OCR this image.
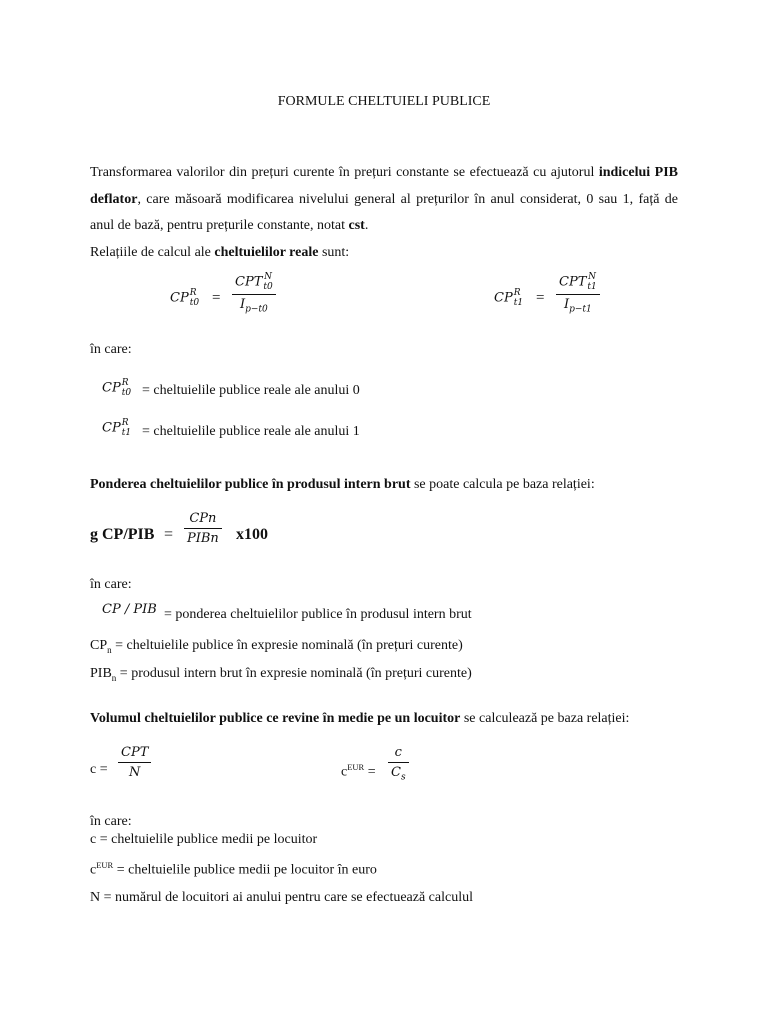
FORMULE CHELTUIELI PUBLICE
Transformarea valorilor din prețuri curente în prețuri constante se efectuează cu ajutorul indicelui PIB deflator, care măsoară modificarea nivelului general al prețurilor în anul considerat, 0 sau 1, față de anul de bază, pentru prețurile constante, notat cst.
Relațiile de calcul ale cheltuielilor reale sunt:
CP R
t0 =
CPT N
t0
$I_{p-t0}$
CP R
t1 =
CPT N
t1
$I_{p-t1}$
în care:
CP R
t0 = cheltuielile publice reale ale anului 0
CP R
t1 = cheltuielile publice reale ale anului 1
Ponderea cheltuielilor publice în produsul intern brut se poate calcula pe baza relației:
g CP/PIB =
CPn
PIBn x100
în care:
CP / PIB = ponderea cheltuielilor publice în produsul intern brut
$CP_n$ = cheltuielile publice în expresie nominală (în prețuri curente)
$PIB_n$ = produsul intern brut în expresie nominală (în prețuri curente)
Volumul cheltuielilor publice ce revine în medie pe un locuitor se calculează pe baza relației:
c =
CPT
N	$c^{EUR}$ =
c
$C_s$
în care:
c = cheltuielile publice medii pe locuitor
$c^{EUR}$ = cheltuielile publice medii pe locuitor în euro
N = numărul de locuitori ai anului pentru care se efectuează calculul
